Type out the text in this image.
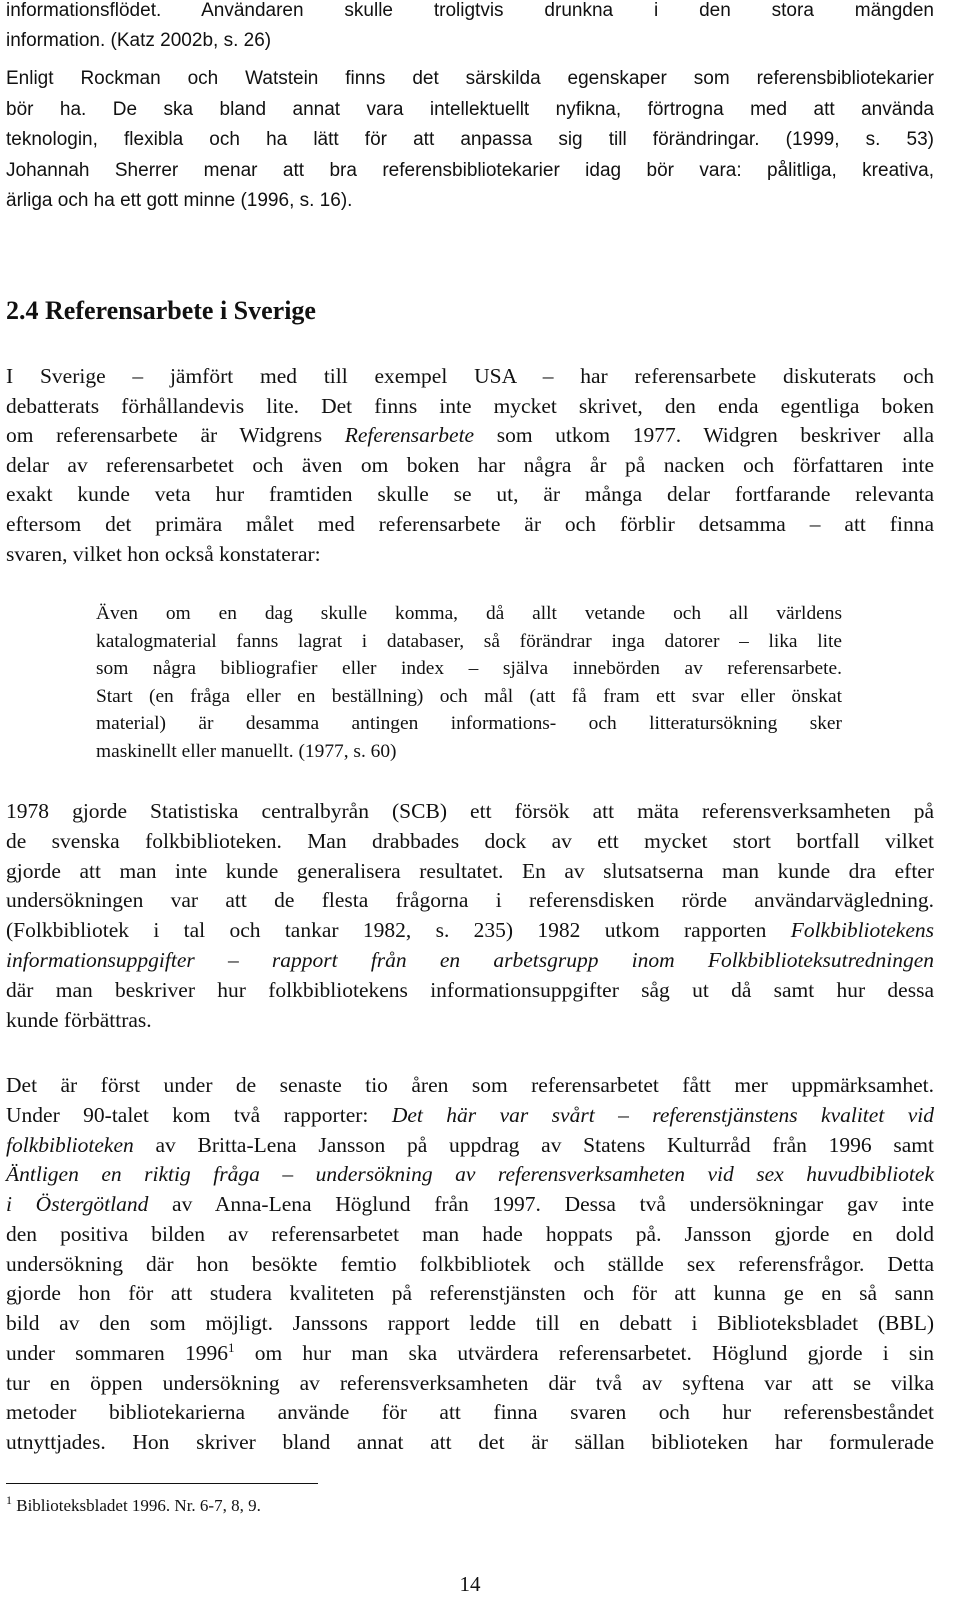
informationsflödet. Användaren skulle troligtvis drunkna i den stora mängden
information. (Katz 2002b, s. 26)

Enligt Rockman och Watstein finns det särskilda egenskaper som referensbibliotekarier
bör ha. De ska bland annat vara intellektuellt nyfikna, förtrogna med att använda
teknologin, flexibla och ha lätt för att anpassa sig till förändringar. (1999, s. 53)
Johannah Sherrer menar att bra referensbibliotekarier idag bör vara: pålitliga, kreativa,
ärliga och ha ett gott minne (1996, s. 16).

2.4 Referensarbete i Sverige

I Sverige – jämfört med till exempel USA – har referensarbete diskuterats och
debatterats förhållandevis lite. Det finns inte mycket skrivet, den enda egentliga boken
om referensarbete är Widgrens Referensarbete som utkom 1977. Widgren beskriver alla
delar av referensarbetet och även om boken har några år på nacken och författaren inte
exakt kunde veta hur framtiden skulle se ut, är många delar fortfarande relevanta
eftersom det primära målet med referensarbete är och förblir detsamma – att finna
svaren, vilket hon också konstaterar:

Även om en dag skulle komma, då allt vetande och all världens
katalogmaterial fanns lagrat i databaser, så förändrar inga datorer – lika lite
som några bibliografier eller index – själva innebörden av referensarbete.
Start (en fråga eller en beställning) och mål (att få fram ett svar eller önskat
material) är desamma antingen informations- och litteratursökning sker
maskinellt eller manuellt. (1977, s. 60)

1978 gjorde Statistiska centralbyrån (SCB) ett försök att mäta referensverksamheten på
de svenska folkbiblioteken. Man drabbades dock av ett mycket stort bortfall vilket
gjorde att man inte kunde generalisera resultatet. En av slutsatserna man kunde dra efter
undersökningen var att de flesta frågorna i referensdisken rörde användarvägledning.
(Folkbibliotek i tal och tankar 1982, s. 235) 1982 utkom rapporten Folkbibliotekens
informationsuppgifter – rapport från en arbetsgrupp inom Folkbiblioteksutredningen
där man beskriver hur folkbibliotekens informationsuppgifter såg ut då samt hur dessa
kunde förbättras.

Det är först under de senaste tio åren som referensarbetet fått mer uppmärksamhet.
Under 90-talet kom två rapporter: Det här var svårt – referenstjänstens kvalitet vid
folkbiblioteken av Britta-Lena Jansson på uppdrag av Statens Kulturråd från 1996 samt
Äntligen en riktig fråga – undersökning av referensverksamheten vid sex huvudbibliotek
i Östergötland av Anna-Lena Höglund från 1997. Dessa två undersökningar gav inte
den positiva bilden av referensarbetet man hade hoppats på. Jansson gjorde en dold
undersökning där hon besökte femtio folkbibliotek och ställde sex referensfrågor. Detta
gjorde hon för att studera kvaliteten på referenstjänsten och för att kunna ge en så sann
bild av den som möjligt. Janssons rapport ledde till en debatt i Biblioteksbladet (BBL)
under sommaren 1996$^1$ om hur man ska utvärdera referensarbetet. Höglund gjorde i sin
tur en öppen undersökning av referensverksamheten där två av syftena var att se vilka
metoder bibliotekarierna använde för att finna svaren och hur referensbeståndet
utnyttjades. Hon skriver bland annat att det är sällan biblioteken har formulerade

$^1$ Biblioteksbladet 1996. Nr. 6-7, 8, 9.

14
